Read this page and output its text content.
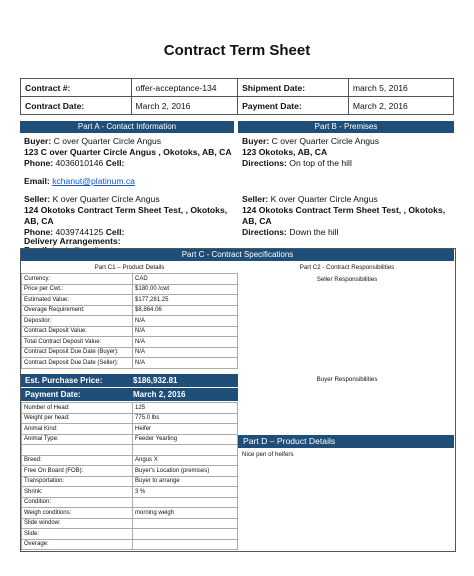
Contract Term Sheet
Contract #:	offer-acceptance-134	Shipment Date:	march 5, 2016
Contract Date:	March 2, 2016	Payment Date:	March 2, 2016
Part A - Contact Information	Part B - Premises
Buyer: C over Quarter Circle Angus
123 C over Quarter Circle Angus , Okotoks, AB, CA
Phone: 4036010146 Cell:
Email: kchanut@platinum.ca
Seller: K over Quarter Circle Angus
124 Okotoks Contract Term Sheet Test, , Okotoks, AB, CA
Phone: 4039744125 Cell:
Buyer: C over Quarter Circle Angus
123 Okotoks, AB, CA
Directions: On top of the hill
Seller: K over Quarter Circle Angus
124 Okotoks Contract Term Sheet Test, , Okotoks, AB, CA
Directions: Down the hill
Delivery Arrangements:
Part C - Contract Specifications
Part C1 – Product Details	Part C2 - Contract Responsibilities
Seller Responsibilities
Currency:	CAD
Price per Cwt.:	$180.00 /cwt
Estimated Value:	$177,281.25
Overage Requirement:	$8,864.06
Depositor:	N/A
Contract Deposit Value:	N/A
Total Contract Deposit Value:	N/A
Contract Deposit Due Date (Buyer):	N/A
Contract Deposit Due Date (Seller):	N/A
Est. Purchase Price:	$186,932.81
Payment Date:	March 2, 2016
Buyer Responsibilities
Number of Head:	125
Weight per head:	775.0 lbs
Animal Kind:	Heifer
Animal Type:	Feeder Yearling

Breed:	Angus X
Free On Board (FOB):	Buyer's Location (premises)
Transportation:	Buyer to arrange
Shrink:	3 %
Condition:	
Weigh conditions:	morning weigh
Slide window:	
Slide:	
Overage:	
Part D – Product Details
Nice pen of heifers
